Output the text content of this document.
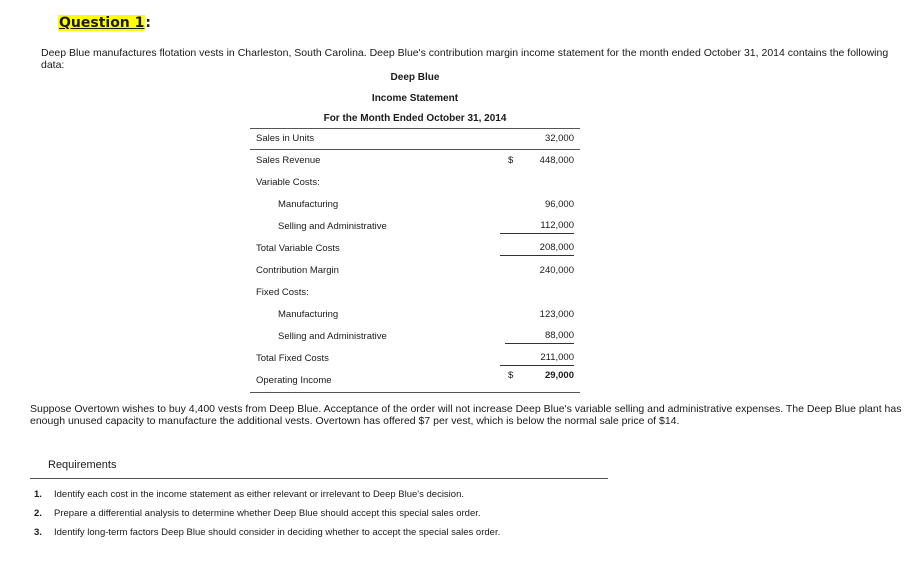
Question 1:
Deep Blue manufactures flotation vests in Charleston, South Carolina. Deep Blue's contribution margin income statement for the month ended October 31, 2014 contains the following data:
Deep Blue
Income Statement
For the Month Ended October 31, 2014
Sales in Units	32,000
Sales Revenue	$	448,000
Variable Costs:
Manufacturing	96,000
Selling and Administrative	112,000
Total Variable Costs	208,000
Contribution Margin	240,000
Fixed Costs:
Manufacturing	123,000
Selling and Administrative	88,000
Total Fixed Costs	211,000
Operating Income	$	29,000
Suppose Overtown wishes to buy 4,400 vests from Deep Blue. Acceptance of the order will not increase Deep Blue's variable selling and administrative expenses. The Deep Blue plant has enough unused capacity to manufacture the additional vests. Overtown has offered $7 per vest, which is below the normal sale price of $14.
Requirements
1.	Identify each cost in the income statement as either relevant or irrelevant to Deep Blue's decision.
2.	Prepare a differential analysis to determine whether Deep Blue should accept this special sales order.
3.	Identify long-term factors Deep Blue should consider in deciding whether to accept the special sales order.
